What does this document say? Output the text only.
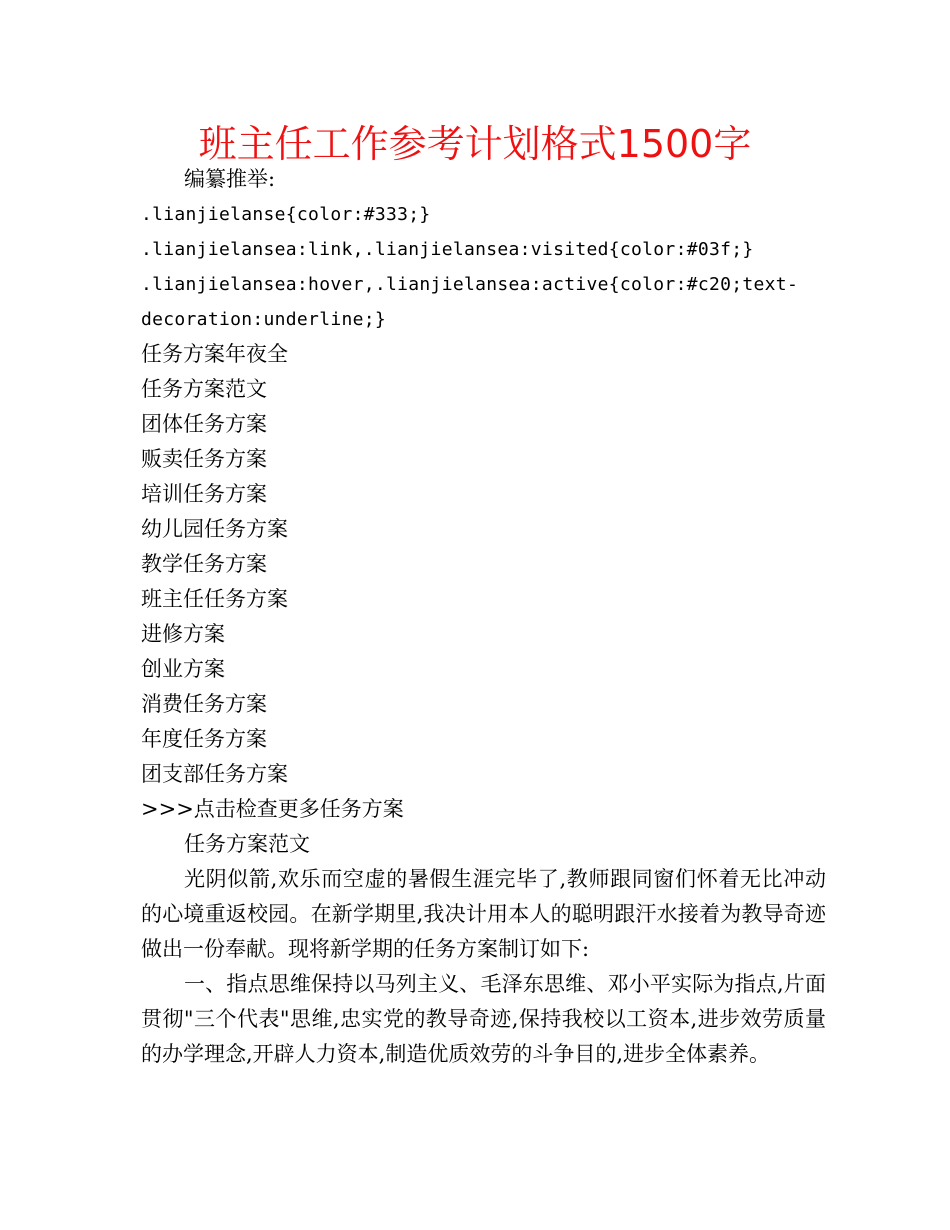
班主任工作参考计划格式1500字
编纂推举:
.lianjielanse{color:#333;}
.lianjielansea:link,.lianjielansea:visited{color:#03f;}
.lianjielansea:hover,.lianjielansea:active{color:#c20;text-
decoration:underline;}
任务方案年夜全
任务方案范文
团体任务方案
贩卖任务方案
培训任务方案
幼儿园任务方案
教学任务方案
班主任任务方案
进修方案
创业方案
消费任务方案
年度任务方案
团支部任务方案
>>>点击检查更多任务方案
任务方案范文
光阴似箭,欢乐而空虚的暑假生涯完毕了,教师跟同窗们怀着无比冲动的心境重返校园。在新学期里,我决计用本人的聪明跟汗水接着为教导奇迹做出一份奉献。现将新学期的任务方案制订如下:
一、指点思维保持以马列主义、毛泽东思维、邓小平实际为指点,片面贯彻"三个代表"思维,忠实党的教导奇迹,保持我校以工资本,进步效劳质量的办学理念,开辟人力资本,制造优质效劳的斗争目的,进步全体素养。
